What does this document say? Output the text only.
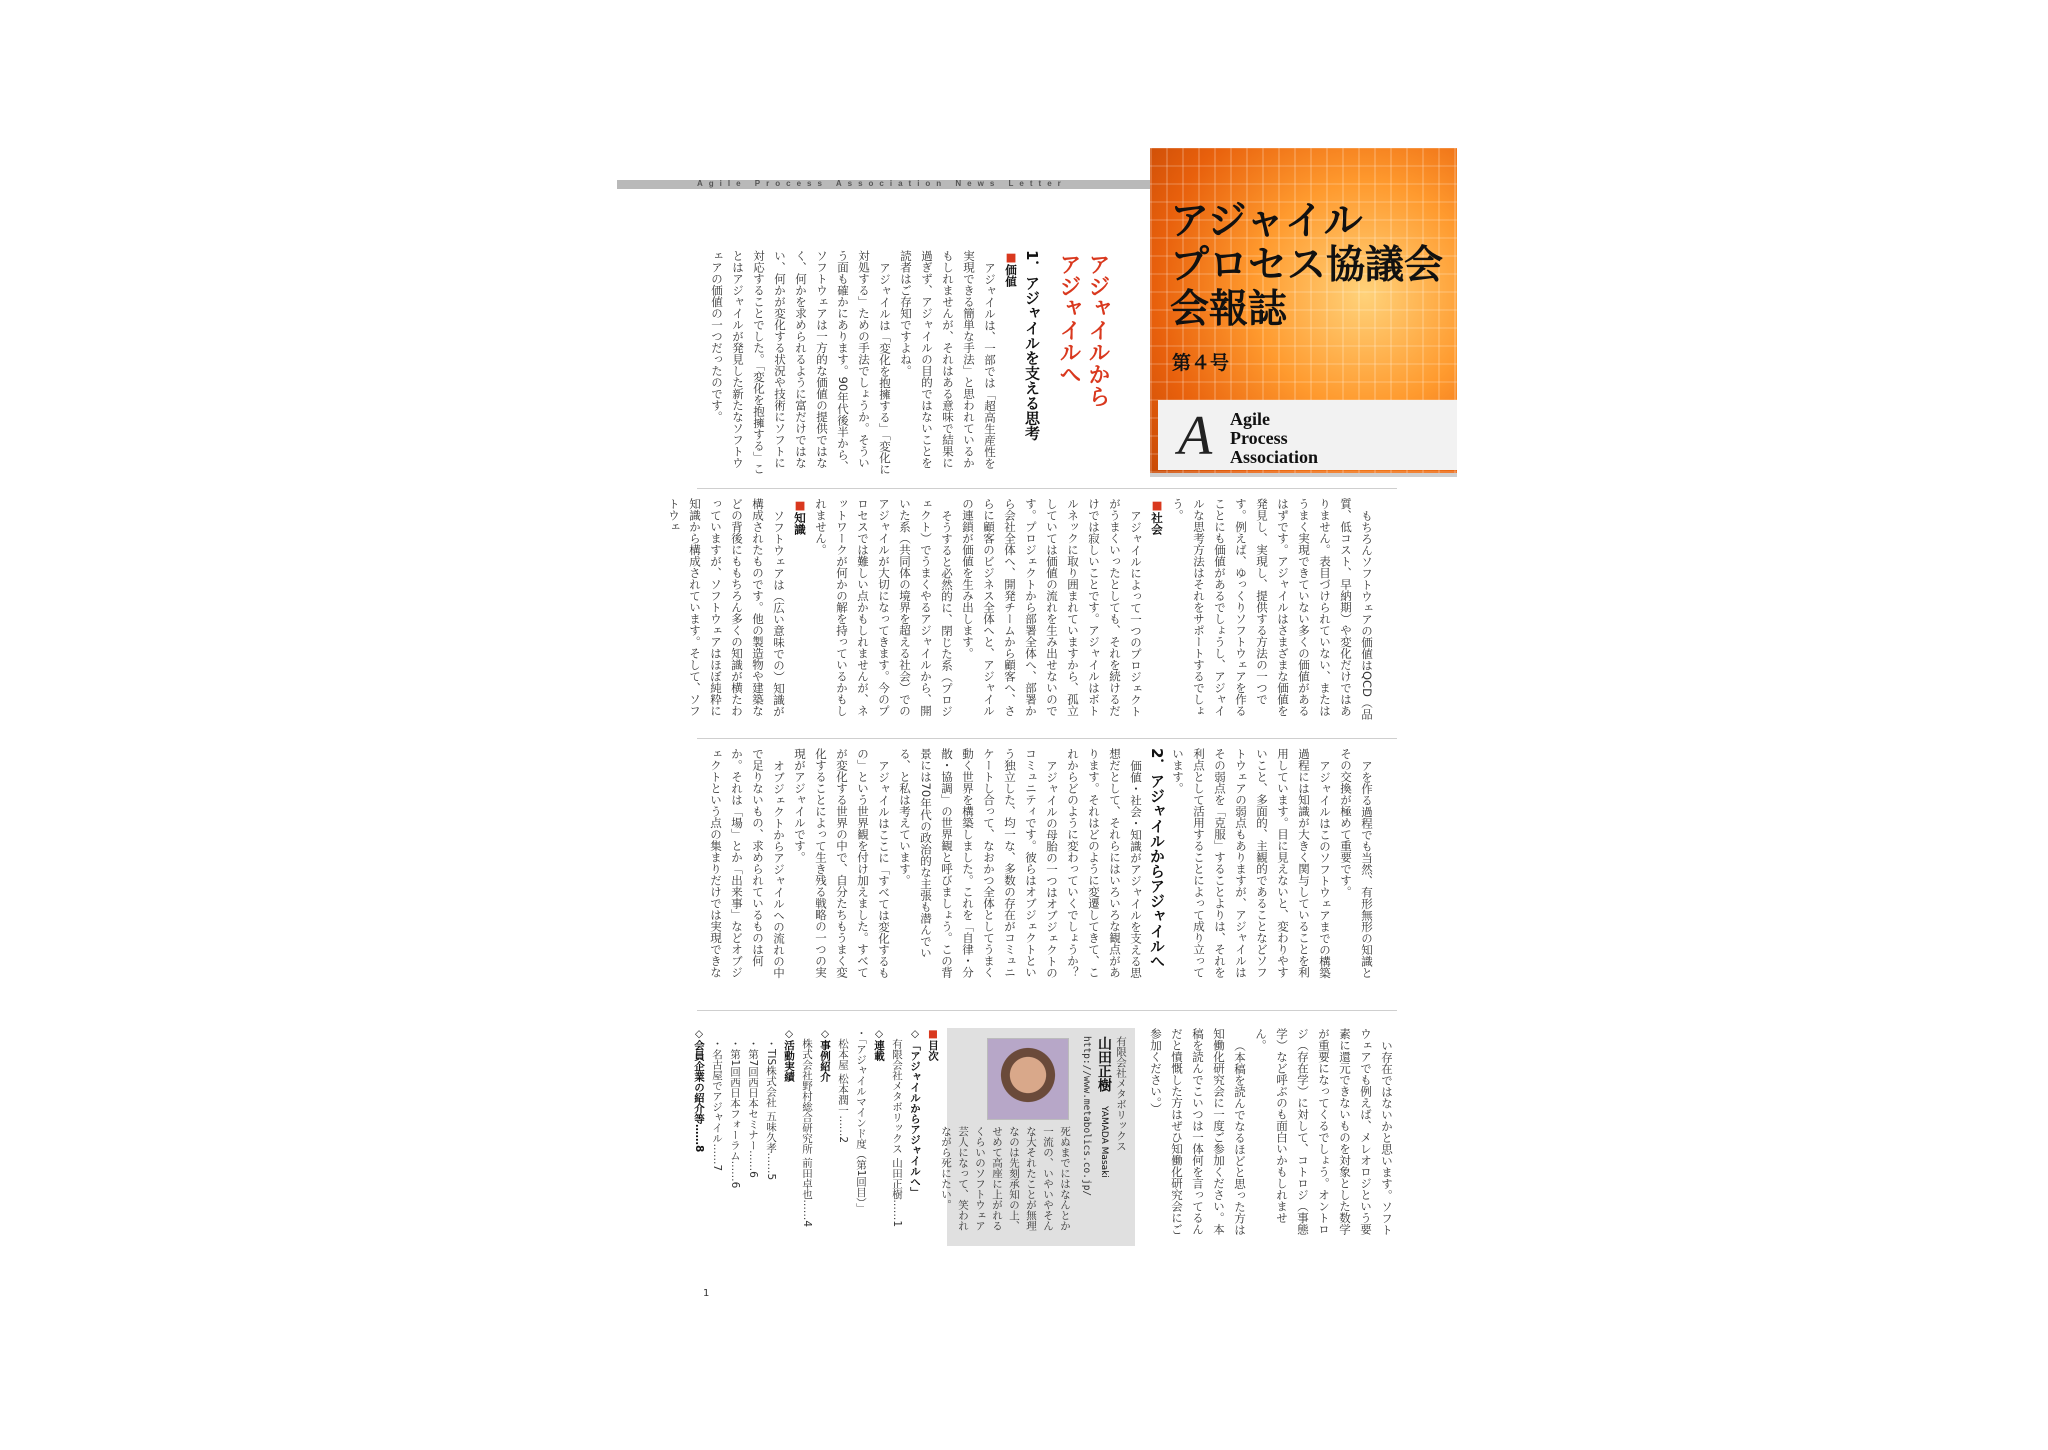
Agile Process Association News Letter
アジャイル
プロセス協議会
会報誌
第４号
A Agile
Process
Association
アジャイルから
アジャイルへ
1．アジャイルを支える思考
■価値

アジャイルは、一部では「超高生産性を実現できる簡単な手法」と思われているかもしれませんが、それはある意味で結果に過ぎず、アジャイルの目的ではないことを読者はご存知ですよね。

アジャイルは「変化を抱擁する」「変化に対処する」ための手法でしょうか。そういう面も確かにあります。90年代後半から、ソフトウェアは一方的な価値の提供ではなく、何かを求められるように富だけではない、何かが変化する状況や技術にソフトに対応することでした。「変化を抱擁する」ことはアジャイルが発見した新たなソフトウェアの価値の一つだったのです。

もちろんソフトウェアの価値はQCD（品質、低コスト、早納期）や変化だけではありません。表目づけられていない、またはうまく実現できていない多くの価値があるはずです。アジャイルはさまざまな価値を発見し、実現し、提供する方法の一つです。例えば、ゆっくりソフトウェアを作ることにも価値があるでしょうし、アジャイルな思考方法はそれをサポートするでしょう。

■社会

アジャイルによって一つのプロジェクトがうまくいったとしても、それを続けるだけでは寂しいことです。アジャイルはボトルネックに取り囲まれていますから、孤立していては価値の流れを生み出せないのです。プロジェクトから部署全体へ、部署から会社全体へ、開発チームから顧客へ、さらに顧客のビジネス全体へと、アジャイルの連鎖が価値を生み出します。

そうすると必然的に、閉じた系（プロジェクト）でうまくやるアジャイルから、開いた系（共同体の境界を超える社会）でのアジャイルが大切になってきます。今のプロセスでは難しい点かもしれませんが、ネットワークが何かの解を持っているかもしれません。

■知識

ソフトウェアは（広い意味での）知識が構成されたものです。他の製造物や建築などの背後にももちろん多くの知識が横たわっていますが、ソフトウェアはほぼ純粋に知識から構成されています。そして、ソフトウェ

アを作る過程でも当然、有形無形の知識とその交換が極めて重要です。

アジャイルはこのソフトウェアまでの構築過程には知識が大きく関与していることを利用しています。目に見えないと、変わりやすいこと、多面的、主観的であることなどソフトウェアの弱点もありますが、アジャイルはその弱点を「克服」することよりは、それを利点として活用することによって成り立っています。

2．アジャイルからアジャイルへ

価値・社会・知識がアジャイルを支える思想だとして、それらにはいろいろな観点があります。それはどのように変遷してきて、これからどのように変わっていくでしょうか？

アジャイルの母胎の一つはオブジェクトのコミュニティです。彼らはオブジェクトという独立した、均一な、多数の存在がコミュニケートし合って、なおかつ全体としてうまく動く世界を構築しました。これを「自律・分散・協調」の世界観と呼びましょう。この背景には70年代の政治的な主張も潜んでいる、と私は考えています。

アジャイルはここに「すべては変化するもの」という世界観を付け加えました。すべてが変化する世界の中で、自分たちもうまく変化することによって生き残る戦略の一つの実現がアジャイルです。

オブジェクトからアジャイルへの流れの中で足りないもの、求められているものは何か。それは「場」とか「出来事」などオブジェクトという点の集まりだけでは実現できな

い存在ではないかと思います。ソフトウェアでも例えば、メレオロジという要素に還元できないものを対象とした数学が重要になってくるでしょう。オントロジ（存在学）に対して、コトロジ（事態学）など呼ぶのも面白いかもしれません。

（本稿を読んでなるほどと思った方は知働化研究会に一度ご参加ください。本稿を読んでこいつは一体何を言ってるんだと憤慨した方はぜひ知働化研究会にご参加ください。）

有限会社メタボリックス
山田正樹　YAMADA Masaki
http://www.metabolics.co.jp/
死ぬまでにはなんとか一流の、いやいやそんな大それたことが無理なのは先刻承知の上、せめて高座に上がれるくらいのソフトウェア芸人になって、笑われながら死にたい。
■目次
◇「アジャイルからアジャイルへ」
　有限会社メタボリックス 山田正樹……1
◇連載
・「アジャイルマインド度（第1回目）」
　松本屋 松本潤一……2
◇事例紹介
　株式会社野村総合研究所 前田卓也……4
◇活動実績
　・TIS株式会社 五味久孝……5
　・第7回西日本セミナー……6
　・第1回西日本フォーラム……6
　・名古屋でアジャイル……7
◇会員企業の紹介等……8
1
